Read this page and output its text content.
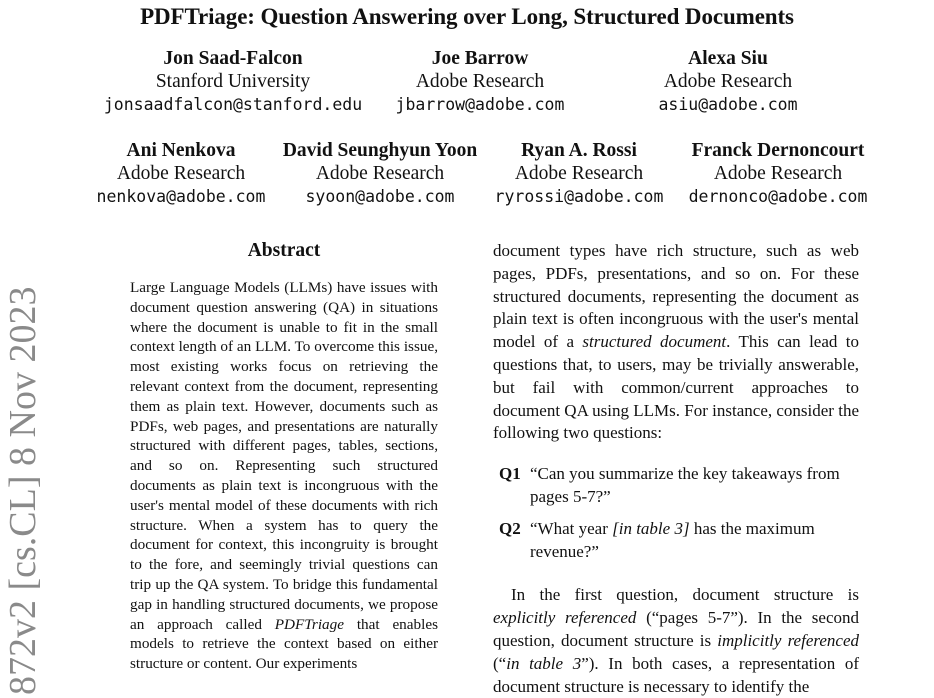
PDFTriage: Question Answering over Long, Structured Documents
Jon Saad-Falcon
Stanford University
jonsaadfalcon@stanford.edu
Joe Barrow
Adobe Research
jbarrow@adobe.com
Alexa Siu
Adobe Research
asiu@adobe.com
Ani Nenkova
Adobe Research
nenkova@adobe.com
David Seunghyun Yoon
Adobe Research
syoon@adobe.com
Ryan A. Rossi
Adobe Research
ryrossi@adobe.com
Franck Dernoncourt
Adobe Research
dernonco@adobe.com
872v2 [cs.CL] 8 Nov 2023
Abstract

Large Language Models (LLMs) have issues with document question answering (QA) in situations where the document is unable to fit in the small context length of an LLM. To overcome this issue, most existing works focus on retrieving the relevant context from the document, representing them as plain text. However, documents such as PDFs, web pages, and presentations are naturally structured with different pages, tables, sections, and so on. Representing such structured documents as plain text is incongruous with the user's mental model of these documents with rich structure. When a system has to query the document for context, this incongruity is brought to the fore, and seemingly trivial questions can trip up the QA system. To bridge this fundamental gap in handling structured documents, we propose an approach called PDFTriage that enables models to retrieve the context based on either structure or content. Our experiments

document types have rich structure, such as web pages, PDFs, presentations, and so on. For these structured documents, representing the document as plain text is often incongruous with the user's mental model of a structured document. This can lead to questions that, to users, may be trivially answerable, but fail with common/current approaches to document QA using LLMs. For instance, consider the following two questions:

Q1 “Can you summarize the key takeaways from pages 5-7?”

Q2 “What year [in table 3] has the maximum revenue?”

In the first question, document structure is explicitly referenced (“pages 5-7”). In the second question, document structure is implicitly referenced (“in table 3”). In both cases, a representation of document structure is necessary to identify the
